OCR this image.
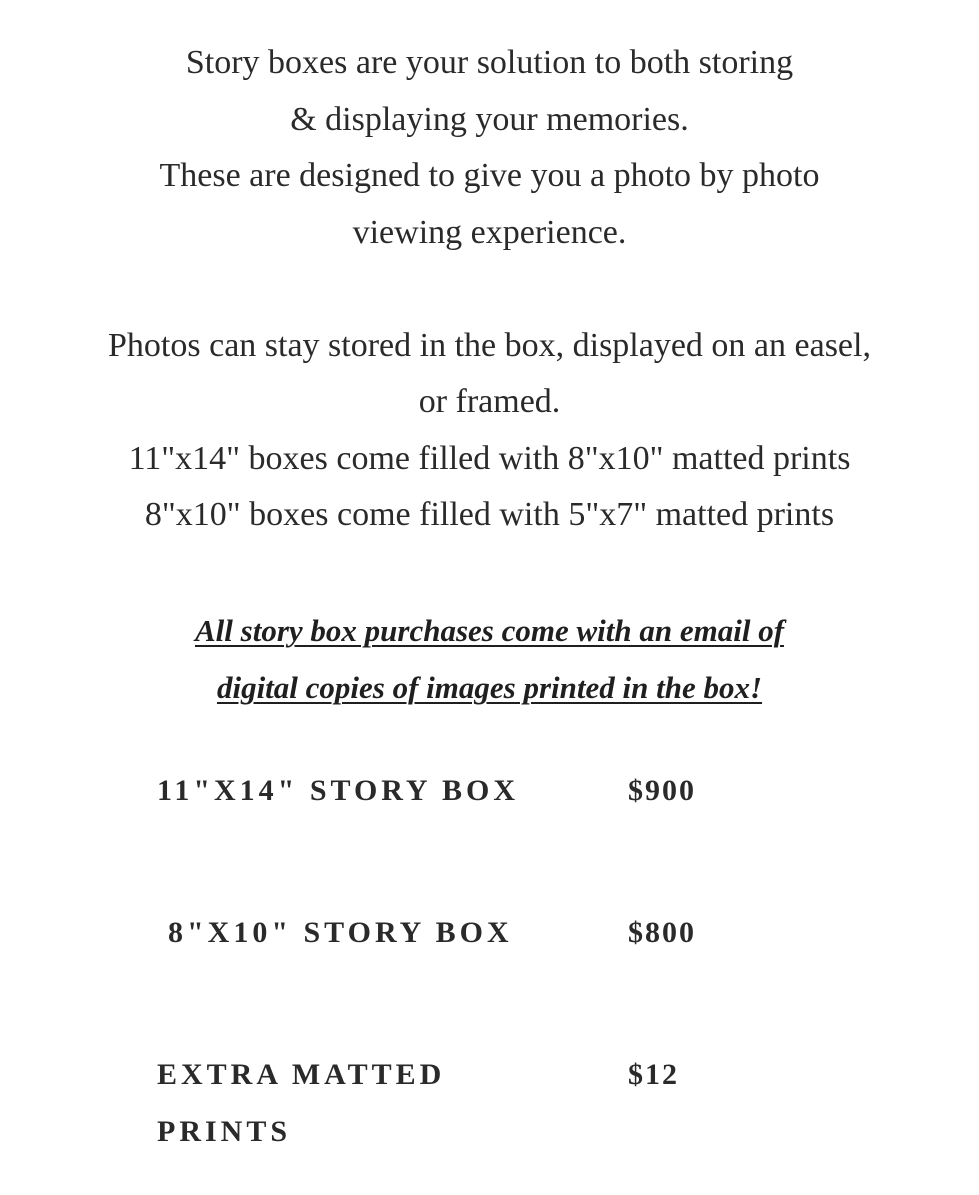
Story boxes are your solution to both storing
& displaying your memories.
These are designed to give you a photo by photo
viewing experience.
Photos can stay stored in the box, displayed on an easel,
or framed.
11"x14" boxes come filled with 8"x10" matted prints
8"x10" boxes come filled with 5"x7" matted prints
All story box purchases come with an email of
digital copies of images printed in the box!
11"X14" STORY BOX	$900
8"X10" STORY BOX	$800
EXTRA MATTED
PRINTS
$12
